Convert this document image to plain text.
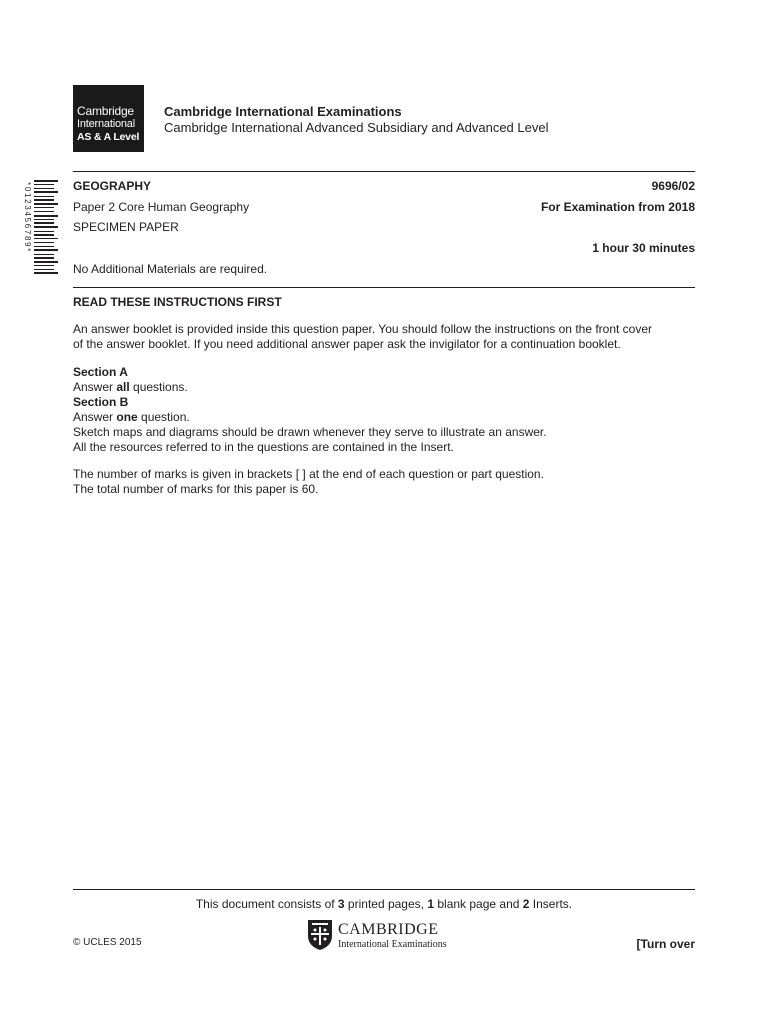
Cambridge
International
AS & A Level
Cambridge International Examinations
Cambridge International Advanced Subsidiary and Advanced Level
*0123456789*	GEOGRAPHY	9696/02
Paper 2 Core Human Geography	For Examination from 2018
SPECIMEN PAPER
1 hour 30 minutes
No Additional Materials are required.
READ THESE INSTRUCTIONS FIRST

An answer booklet is provided inside this question paper. You should follow the instructions on the front cover

of the answer booklet. If you need additional answer paper ask the invigilator for a continuation booklet.

Section A

Answer all questions.

Section B

Answer one question.

Sketch maps and diagrams should be drawn whenever they serve to illustrate an answer.

All the resources referred to in the questions are contained in the Insert.

The number of marks is given in brackets [ ] at the end of each question or part question.

The total number of marks for this paper is 60.

This document consists of 3 printed pages, 1 blank page and 2 Inserts.
© UCLES 2015
CAMBRIDGE
International Examinations	[Turn over
